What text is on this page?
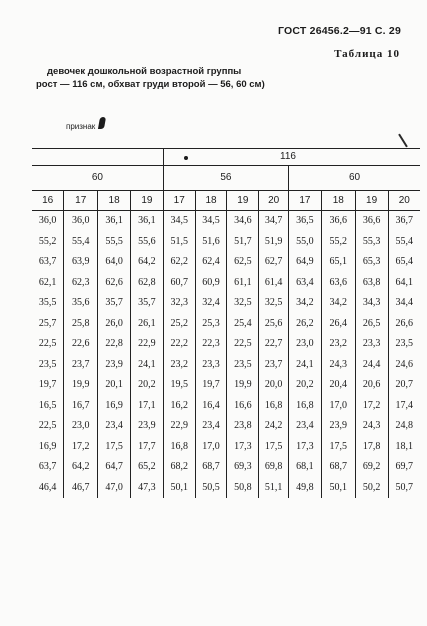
ГОСТ 26456.2—91 С. 29
Таблица 10
девочек дошкольной возрастной группы
рост — 116 см, обхват груди второй — 56, 60 см)
признак
				116							
60				56				60			
16	17	18	19	17	18	19	20	17	18	19	20
36,0	36,0	36,1	36,1	34,5	34,5	34,6	34,7	36,5	36,6	36,6	36,7
55,2	55,4	55,5	55,6	51,5	51,6	51,7	51,9	55,0	55,2	55,3	55,4
63,7	63,9	64,0	64,2	62,2	62,4	62,5	62,7	64,9	65,1	65,3	65,4
62,1	62,3	62,6	62,8	60,7	60,9	61,1	61,4	63,4	63,6	63,8	64,1
35,5	35,6	35,7	35,7	32,3	32,4	32,5	32,5	34,2	34,2	34,3	34,4
25,7	25,8	26,0	26,1	25,2	25,3	25,4	25,6	26,2	26,4	26,5	26,6
22,5	22,6	22,8	22,9	22,2	22,3	22,5	22,7	23,0	23,2	23,3	23,5
23,5	23,7	23,9	24,1	23,2	23,3	23,5	23,7	24,1	24,3	24,4	24,6
19,7	19,9	20,1	20,2	19,5	19,7	19,9	20,0	20,2	20,4	20,6	20,7
16,5	16,7	16,9	17,1	16,2	16,4	16,6	16,8	16,8	17,0	17,2	17,4
22,5	23,0	23,4	23,9	22,9	23,4	23,8	24,2	23,4	23,9	24,3	24,8
16,9	17,2	17,5	17,7	16,8	17,0	17,3	17,5	17,3	17,5	17,8	18,1
63,7	64,2	64,7	65,2	68,2	68,7	69,3	69,8	68,1	68,7	69,2	69,7
46,4	46,7	47,0	47,3	50,1	50,5	50,8	51,1	49,8	50,1	50,2	50,7
